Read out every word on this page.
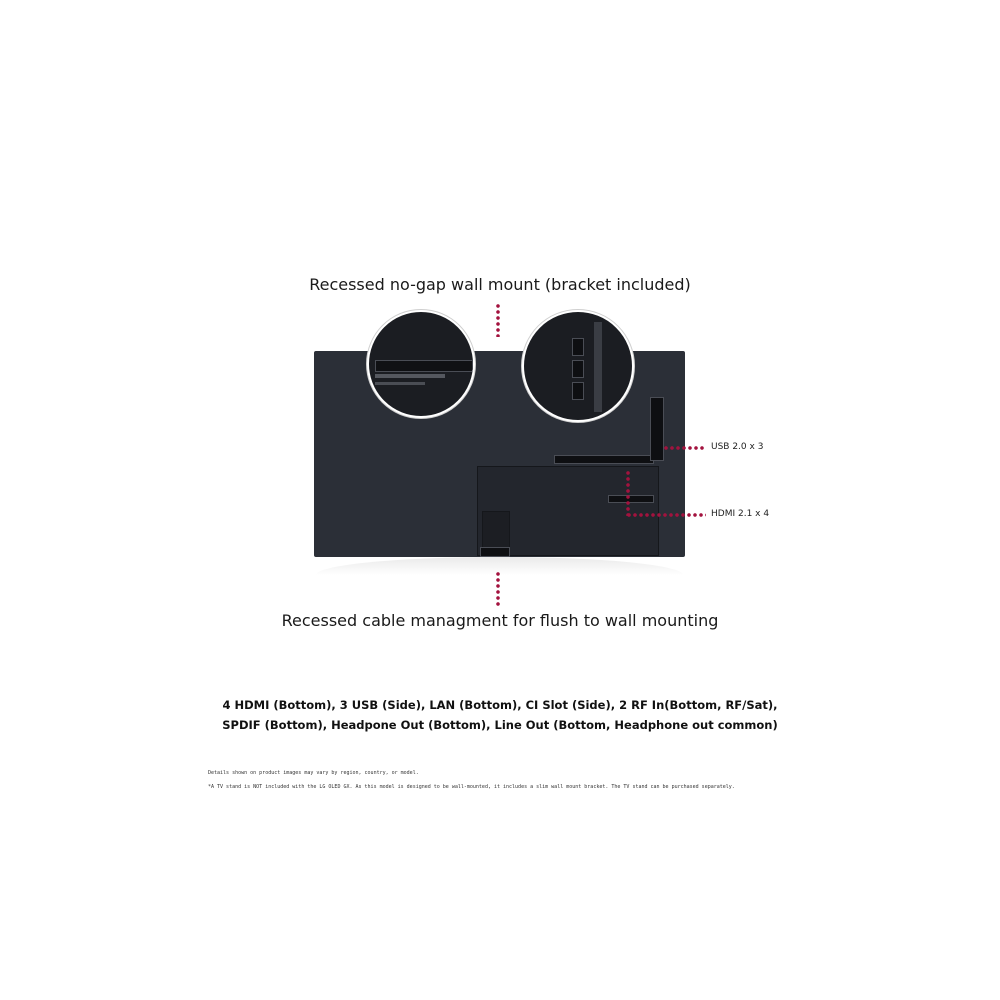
Recessed no-gap wall mount (bracket included)
USB 2.0 x 3
HDMI 2.1 x 4
Recessed cable managment for flush to wall mounting
4 HDMI (Bottom), 3 USB (Side), LAN (Bottom), CI Slot (Side), 2 RF In(Bottom, RF/Sat),
SPDIF (Bottom), Headpone Out (Bottom), Line Out (Bottom, Headphone out common)
Details shown on product images may vary by region, country, or model.
*A TV stand is NOT included with the LG OLED GX. As this model is designed to be wall-mounted, it includes a slim wall mount bracket. The TV stand can be purchased separately.
